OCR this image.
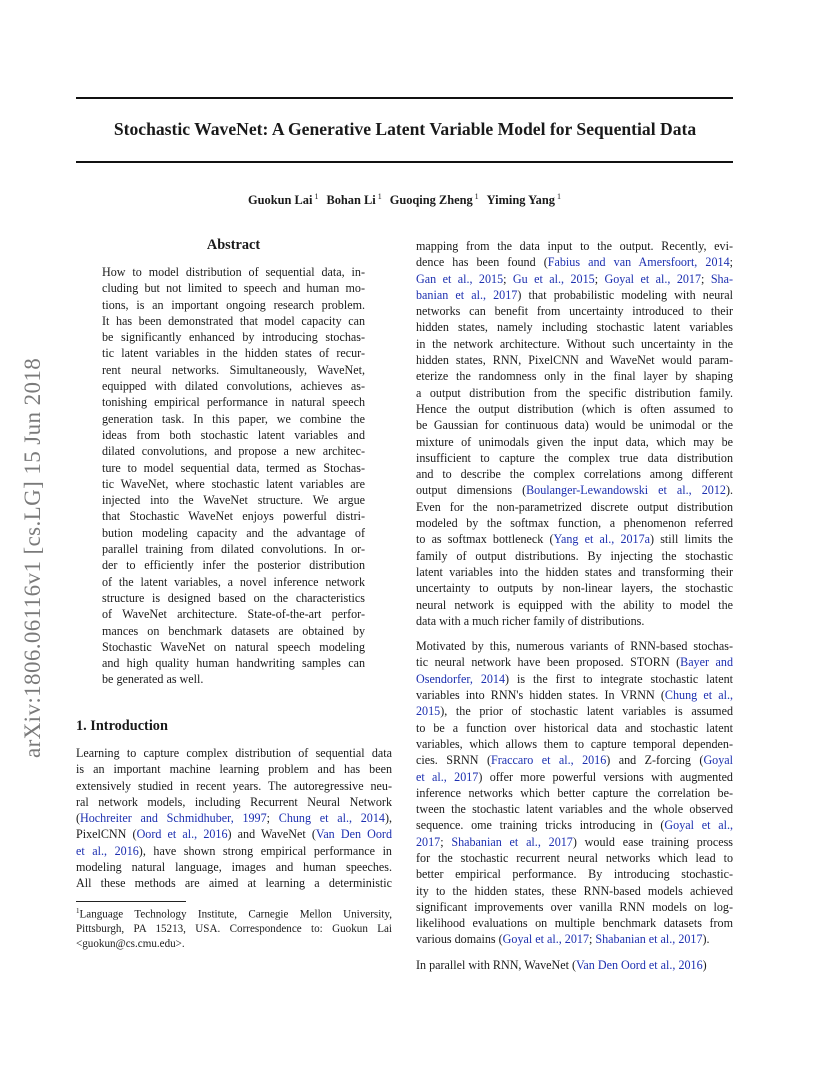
Stochastic WaveNet: A Generative Latent Variable Model for Sequential Data
Guokun Lai $^1$ Bohan Li $^1$ Guoqing Zheng $^1$ Yiming Yang $^1$
arXiv:1806.06116v1 [cs.LG] 15 Jun 2018
Abstract
How to model distribution of sequential data, in-
cluding but not limited to speech and human mo-
tions, is an important ongoing research problem.
It has been demonstrated that model capacity can
be significantly enhanced by introducing stochas-
tic latent variables in the hidden states of recur-
rent neural networks. Simultaneously, WaveNet,
equipped with dilated convolutions, achieves as-
tonishing empirical performance in natural speech
generation task. In this paper, we combine the
ideas from both stochastic latent variables and
dilated convolutions, and propose a new architec-
ture to model sequential data, termed as Stochas-
tic WaveNet, where stochastic latent variables are
injected into the WaveNet structure. We argue
that Stochastic WaveNet enjoys powerful distri-
bution modeling capacity and the advantage of
parallel training from dilated convolutions. In or-
der to efficiently infer the posterior distribution
of the latent variables, a novel inference network
structure is designed based on the characteristics
of WaveNet architecture. State-of-the-art perfor-
mances on benchmark datasets are obtained by
Stochastic WaveNet on natural speech modeling
and high quality human handwriting samples can
be generated as well.
1. Introduction
Learning to capture complex distribution of sequential data
is an important machine learning problem and has been
extensively studied in recent years. The autoregressive neu-
ral network models, including Recurrent Neural Network
(Hochreiter and Schmidhuber, 1997; Chung et al., 2014),
PixelCNN (Oord et al., 2016) and WaveNet (Van Den Oord
et al., 2016), have shown strong empirical performance in
modeling natural language, images and human speeches.
All these methods are aimed at learning a deterministic
$^1$Language Technology Institute, Carnegie Mellon University,
Pittsburgh, PA 15213, USA. Correspondence to: Guokun Lai
<guokun@cs.cmu.edu>.
mapping from the data input to the output. Recently, evi-
dence has been found (Fabius and van Amersfoort, 2014;
Gan et al., 2015; Gu et al., 2015; Goyal et al., 2017; Sha-
banian et al., 2017) that probabilistic modeling with neural
networks can benefit from uncertainty introduced to their
hidden states, namely including stochastic latent variables
in the network architecture. Without such uncertainty in the
hidden states, RNN, PixelCNN and WaveNet would param-
eterize the randomness only in the final layer by shaping
a output distribution from the specific distribution family.
Hence the output distribution (which is often assumed to
be Gaussian for continuous data) would be unimodal or the
mixture of unimodals given the input data, which may be
insufficient to capture the complex true data distribution
and to describe the complex correlations among different
output dimensions (Boulanger-Lewandowski et al., 2012).
Even for the non-parametrized discrete output distribution
modeled by the softmax function, a phenomenon referred
to as softmax bottleneck (Yang et al., 2017a) still limits the
family of output distributions. By injecting the stochastic
latent variables into the hidden states and transforming their
uncertainty to outputs by non-linear layers, the stochastic
neural network is equipped with the ability to model the
data with a much richer family of distributions.
Motivated by this, numerous variants of RNN-based stochas-
tic neural network have been proposed. STORN (Bayer and
Osendorfer, 2014) is the first to integrate stochastic latent
variables into RNN's hidden states. In VRNN (Chung et al.,
2015), the prior of stochastic latent variables is assumed
to be a function over historical data and stochastic latent
variables, which allows them to capture temporal dependen-
cies. SRNN (Fraccaro et al., 2016) and Z-forcing (Goyal
et al., 2017) offer more powerful versions with augmented
inference networks which better capture the correlation be-
tween the stochastic latent variables and the whole observed
sequence. ome training tricks introducing in (Goyal et al.,
2017; Shabanian et al., 2017) would ease training process
for the stochastic recurrent neural networks which lead to
better empirical performance. By introducing stochastic-
ity to the hidden states, these RNN-based models achieved
significant improvements over vanilla RNN models on log-
likelihood evaluations on multiple benchmark datasets from
various domains (Goyal et al., 2017; Shabanian et al., 2017).
In parallel with RNN, WaveNet (Van Den Oord et al., 2016)
